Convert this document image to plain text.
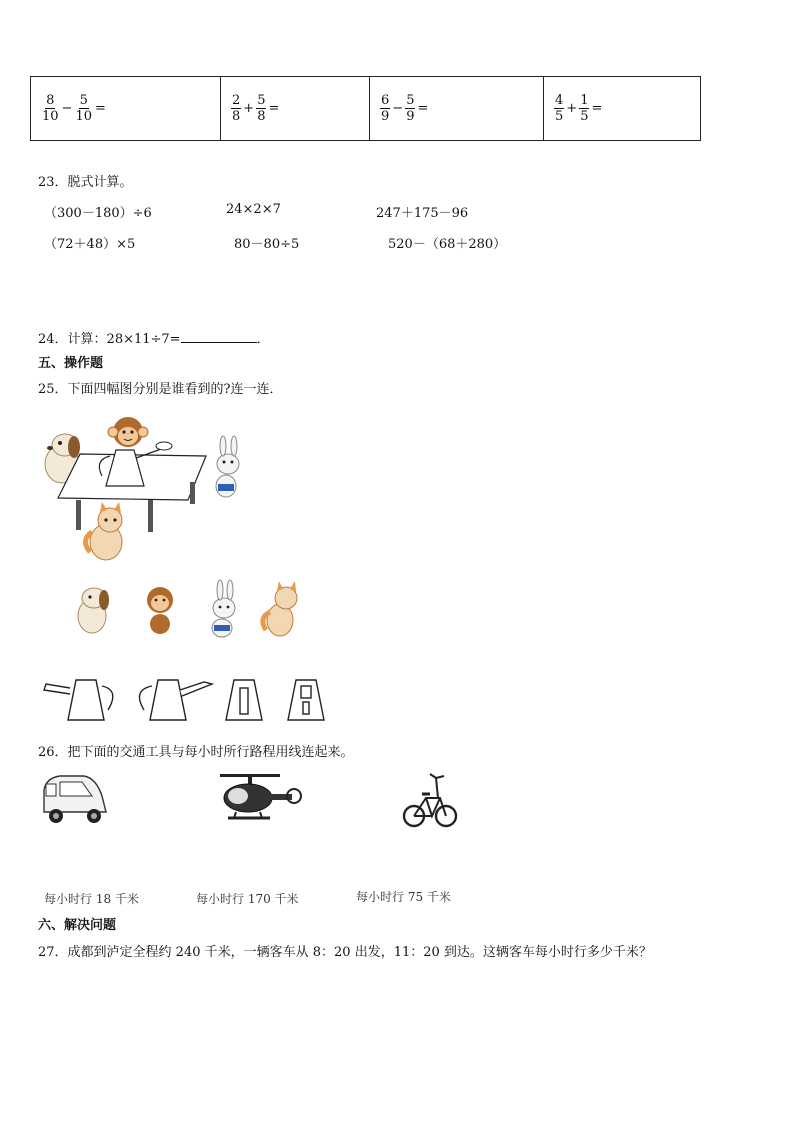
$\frac{8}{10} - \frac{5}{10}$ =	$\frac{2}{8} + \frac{5}{8}$ =	$\frac{6}{9} - \frac{5}{9}$ =	$\frac{4}{5} + \frac{1}{5}$ =
23．脱式计算。
（300－180）÷6	24×2×7	247＋175－96
（72＋48）×5	80－80÷5	520－（68＋280）
24．计算：28×11÷7=	．
五、操作题
25．下面四幅图分别是谁看到的?连一连．
26．把下面的交通工具与每小时所行路程用线连起来。
每小时行 18 千米	每小时行 170 千米	每小时行 75 千米
六、解决问题
27．成都到泸定全程约 240 千米，一辆客车从 8：20 出发，11：20 到达。这辆客车每小时行多少千米？
